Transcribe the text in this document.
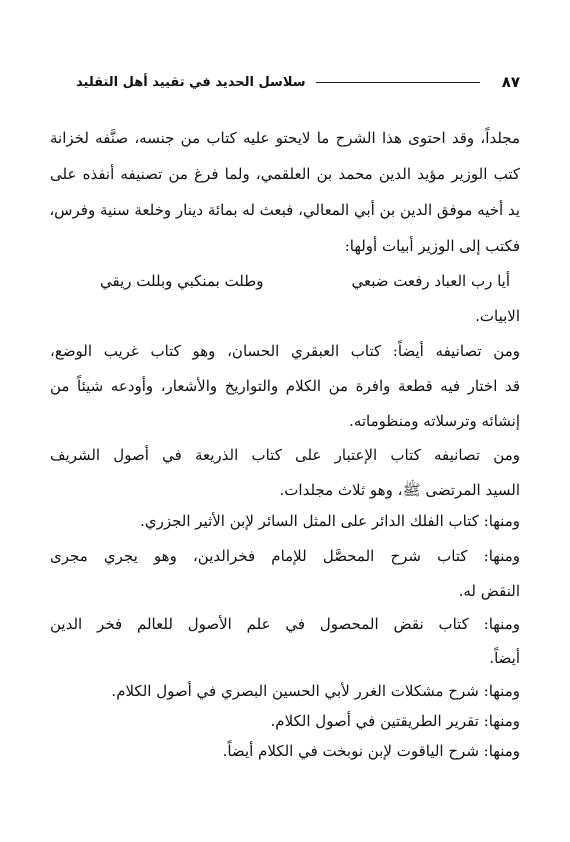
٨٧
سلاسل الحديد في تقييد أهل التقليد
مجلداً، وقد احتوى هذا الشرح ما لايحتو عليه كتاب من جنسه، صنَّفه لخزانة
كتب الوزير مؤيد الدين محمد بن العلقمي، ولما فرغ من تصنيفه أنفذه على
يد أخيه موفق الدين بن أبي المعالي، فبعث له بمائة دينار وخلعة سنية وفرس،
فكتب إلى الوزير أبيات أولها:
أيا رب العباد رفعت ضبعي
وطلت بمنكبي وبللت ريقي
الابيات.
ومن تصانيفه أيضاً: كتاب العبقري الحسان، وهو كتاب غريب الوضع،
قد اختار فيه قطعة وافرة من الكلام والتواريخ والأشعار، وأودعه شيئاً من
إنشائه وترسلاته ومنظوماته.
ومن تصانيفه كتاب الإعتبار على كتاب الذريعة في أصول الشريف
السيد المرتضى ﷺ، وهو ثلاث مجلدات.
ومنها: كتاب الفلك الدائر على المثل السائر لإبن الأثير الجزري.
ومنها: كتاب شرح المحصَّل للإمام فخرالدين، وهو يجري مجرى
النقض له.
ومنها: كتاب نقض المحصول في علم الأصول للعالم فخر الدين
أيضاً.
ومنها: شرح مشكلات الغرر لأبي الحسين البصري في أصول الكلام.
ومنها: تقرير الطريقتين في أصول الكلام.
ومنها: شرح الياقوت لإبن نوبخت في الكلام أيضاً.
